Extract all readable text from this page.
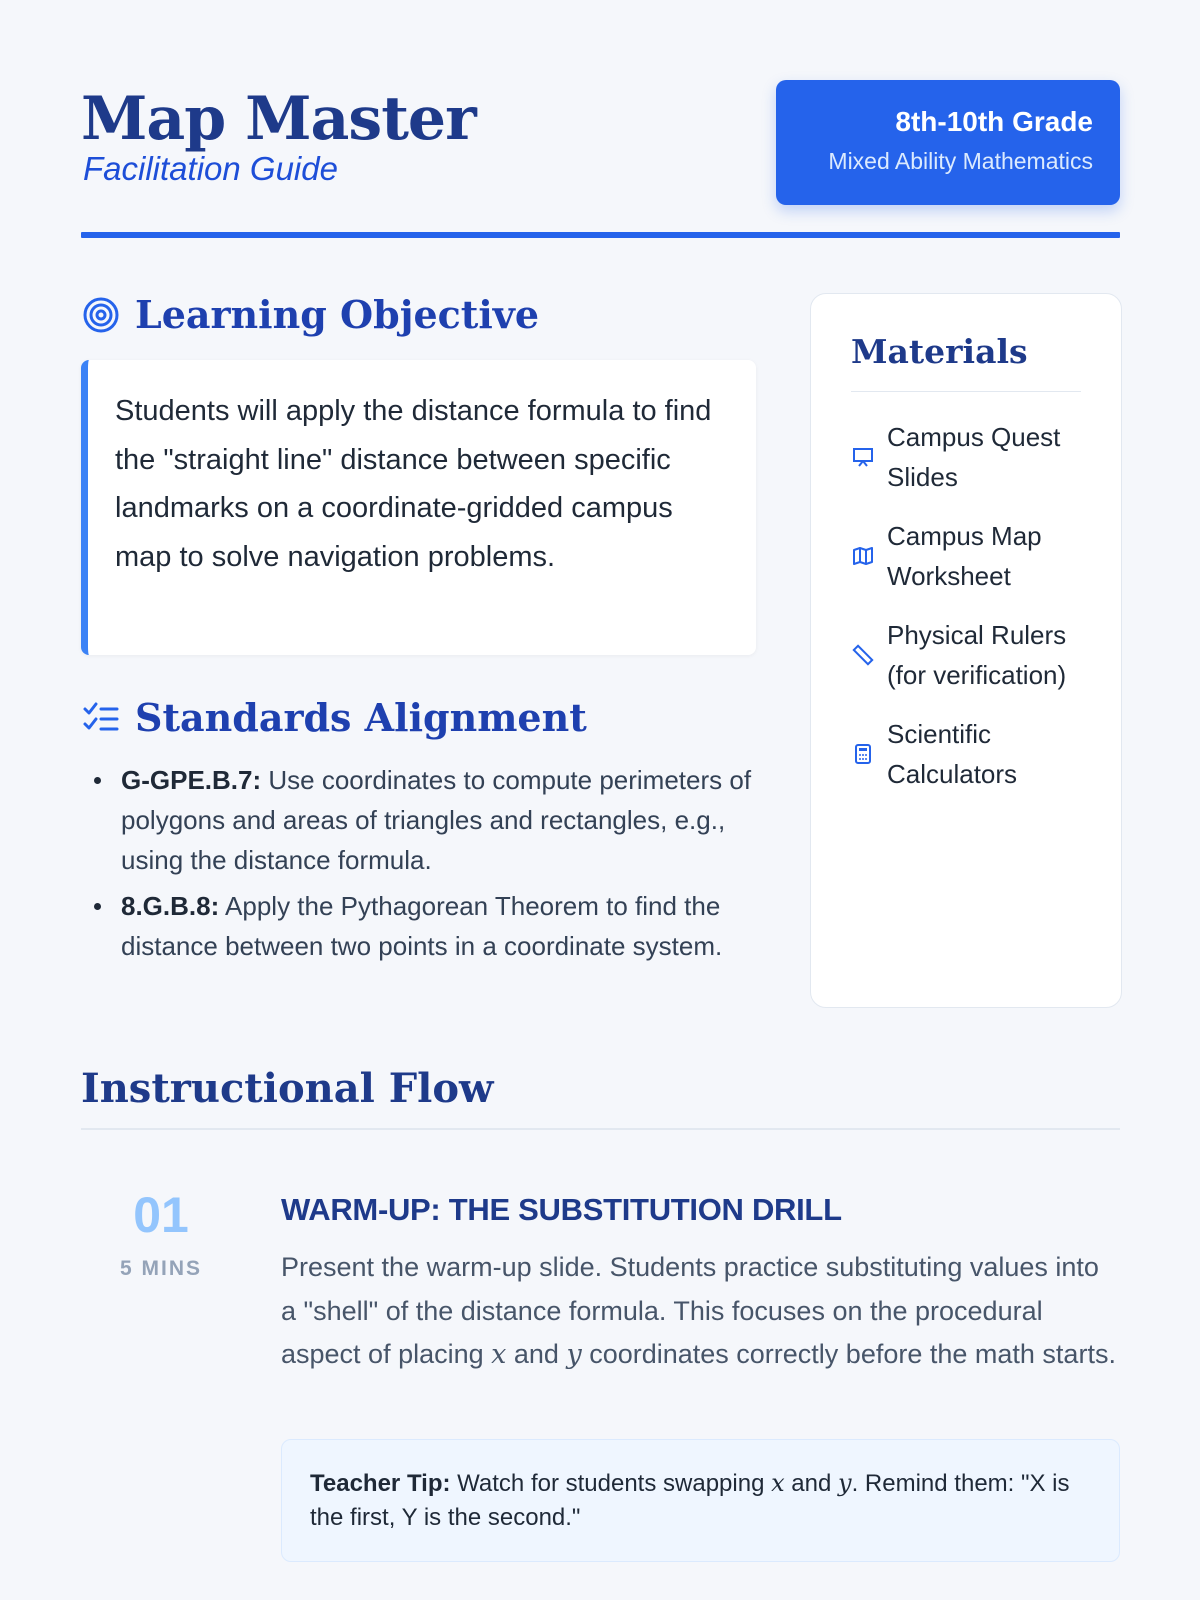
Map Master
Facilitation Guide
8th-10th Grade
Mixed Ability Mathematics
Learning Objective

Students will apply the distance formula to find the "straight line" distance between specific landmarks on a coordinate-gridded campus map to solve navigation problems.

Standards Alignment
G-GPE.B.7: Use coordinates to compute perimeters of polygons and areas of triangles and rectangles, e.g., using the distance formula.
8.G.B.8: Apply the Pythagorean Theorem to find the distance between two points in a coordinate system.
Materials
Campus Quest Slides
Campus Map Worksheet
Physical Rulers (for verification)
Scientific Calculators
Instructional Flow
01
5 MINS
WARM-UP: THE SUBSTITUTION DRILL

Present the warm-up slide. Students practice substituting values into a "shell" of the distance formula. This focuses on the procedural aspect of placing x and y coordinates correctly before the math starts.

Teacher Tip: Watch for students swapping x and y. Remind them: "X is the first, Y is the second."
